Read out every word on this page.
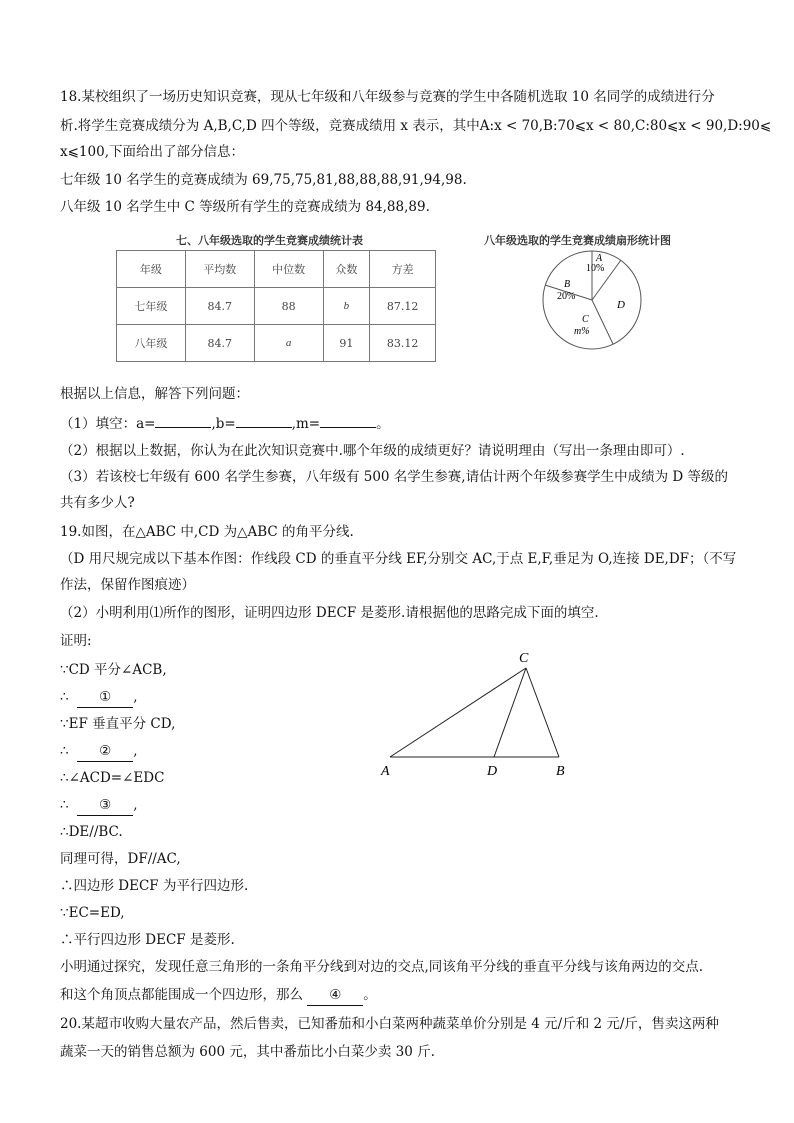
18.某校组织了一场历史知识竞赛，现从七年级和八年级参与竞赛的学生中各随机选取 10 名同学的成绩进行分
析.将学生竞赛成绩分为 A,B,C,D 四个等级，竞赛成绩用 x 表示，其中A:x < 70,B:70⩽x < 80,C:80⩽x < 90,D:90⩽
x⩽100,下面给出了部分信息：
七年级 10 名学生的竞赛成绩为 69,75,75,81,88,88,88,91,94,98.
八年级 10 名学生中 C 等级所有学生的竞赛成绩为 84,88,89.
七、八年级选取的学生竞赛成绩统计表
年级	平均数	中位数	众数	方差
七年级	84.7	88	b	87.12
八年级	84.7	a	91	83.12
八年级选取的学生竞赛成绩扇形统计图
A
10%
B
20%
C
m%
D
根据以上信息，解答下列问题：
（1）填空：a=	,b=	,m=	。
（2）根据以上数据，你认为在此次知识竞赛中.哪个年级的成绩更好？请说明理由（写出一条理由即可）.
（3）若该校七年级有 600 名学生参赛，八年级有 500 名学生参赛,请估计两个年级参赛学生中成绩为 D 等级的
共有多少人?
19.如图，在△ABC 中,CD 为△ABC 的角平分线.
（D 用尺规完成以下基本作图：作线段 CD 的垂直平分线 EF,分别交 AC,于点 E,F,垂足为 O,连接 DE,DF；（不写
作法，保留作图痕迹）
（2）小明利用⑴所作的图形，证明四边形 DECF 是菱形.请根据他的思路完成下面的填空.
证明:
∵CD 平分∠ACB,
∴ ① ,
∵EF 垂直平分 CD,
∴ ② ,
∴∠ACD=∠EDC
∴ ③ ,
∴DE//BC.
同理可得，DF//AC,
∴四边形 DECF 为平行四边形.
∵EC=ED,
∴平行四边形 DECF 是菱形.
小明通过探究，发现任意三角形的一条角平分线到对边的交点,同该角平分线的垂直平分线与该角两边的交点.
和这个角顶点都能围成一个四边形，那么 ④ 。
C
A	D	B
20.某超市收购大量农产品，然后售卖，已知番茄和小白菜两种蔬菜单价分别是 4 元/斤和 2 元/斤，售卖这两种
蔬菜一天的销售总额为 600 元，其中番茄比小白菜少卖 30 斤.
